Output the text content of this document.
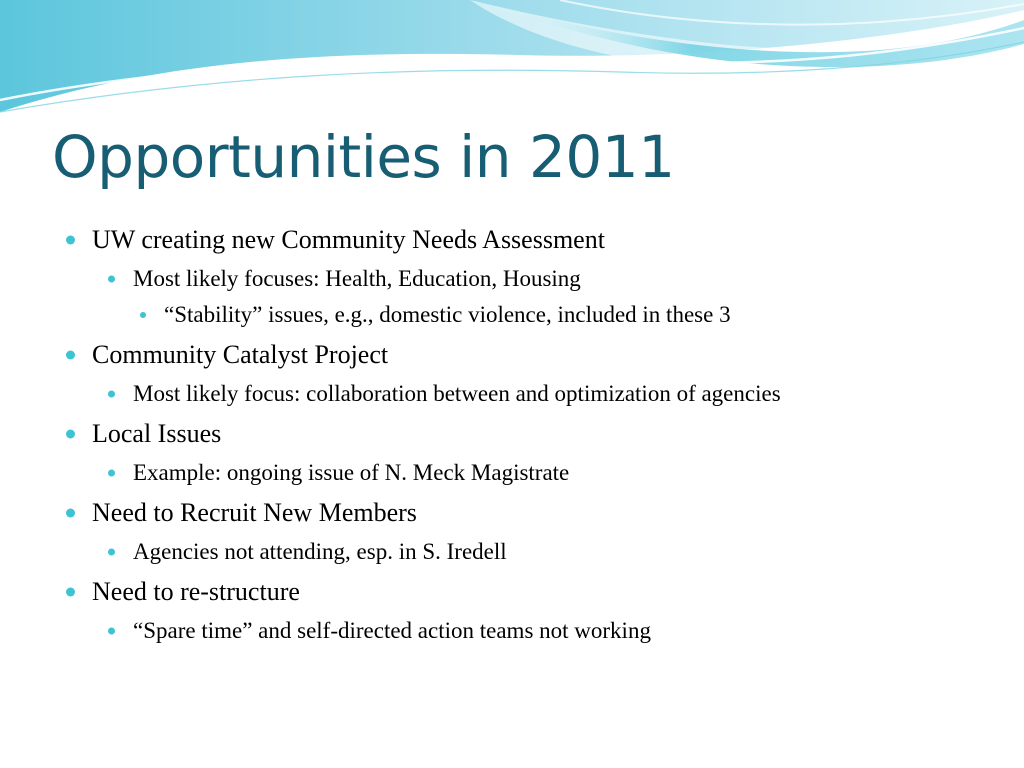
Opportunities in 2011
UW creating new Community Needs Assessment
Most likely focuses: Health, Education, Housing
“Stability” issues, e.g., domestic violence, included in these 3
Community Catalyst Project
Most likely focus: collaboration between and optimization of agencies
Local Issues
Example: ongoing issue of N. Meck Magistrate
Need to Recruit New Members
Agencies not attending, esp. in S. Iredell
Need to re-structure
“Spare time” and self-directed action teams not working
